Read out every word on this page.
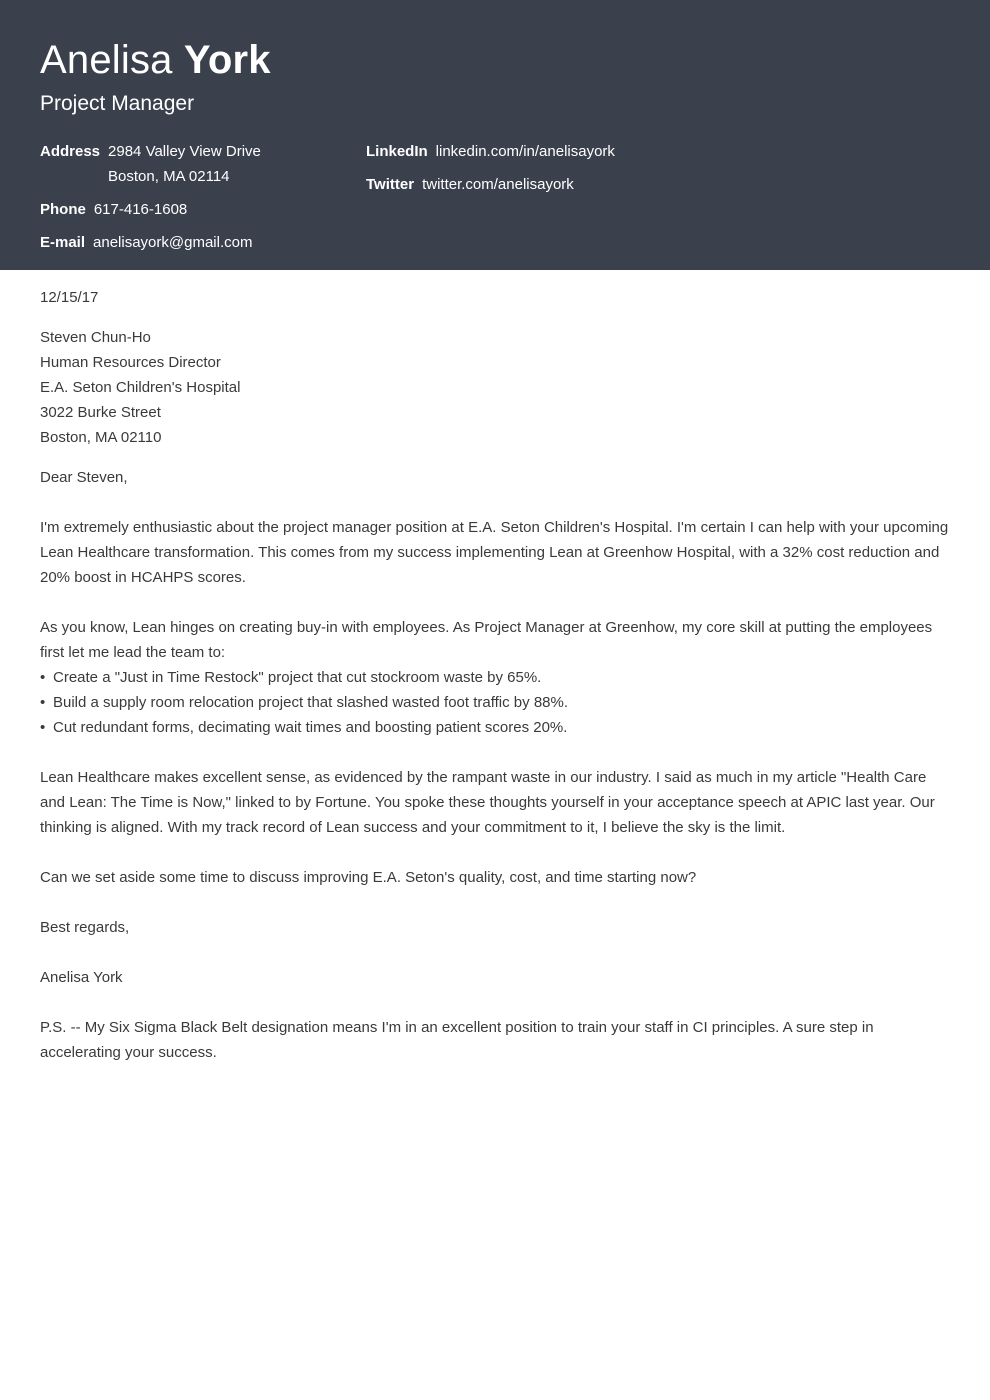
Anelisa York
Project Manager
Address 2984 Valley View Drive
Boston, MA 02114
Phone 617-416-1608
E-mail anelisayork@gmail.com
LinkedIn linkedin.com/in/anelisayork
Twitter twitter.com/anelisayork

12/15/17

Steven Chun-Ho
Human Resources Director
E.A. Seton Children's Hospital
3022 Burke Street
Boston, MA 02110

Dear Steven,

I'm extremely enthusiastic about the project manager position at E.A. Seton Children's Hospital. I'm certain I can help with your upcoming Lean Healthcare transformation. This comes from my success implementing Lean at Greenhow Hospital, with a 32% cost reduction and 20% boost in HCAHPS scores.

As you know, Lean hinges on creating buy-in with employees. As Project Manager at Greenhow, my core skill at putting the employees first let me lead the team to:

• Create a "Just in Time Restock" project that cut stockroom waste by 65%.
• Build a supply room relocation project that slashed wasted foot traffic by 88%.
• Cut redundant forms, decimating wait times and boosting patient scores 20%.

Lean Healthcare makes excellent sense, as evidenced by the rampant waste in our industry. I said as much in my article "Health Care and Lean: The Time is Now," linked to by Fortune. You spoke these thoughts yourself in your acceptance speech at APIC last year. Our thinking is aligned. With my track record of Lean success and your commitment to it, I believe the sky is the limit.

Can we set aside some time to discuss improving E.A. Seton's quality, cost, and time starting now?

Best regards,

Anelisa York

P.S. -- My Six Sigma Black Belt designation means I'm in an excellent position to train your staff in CI principles. A sure step in accelerating your success.
